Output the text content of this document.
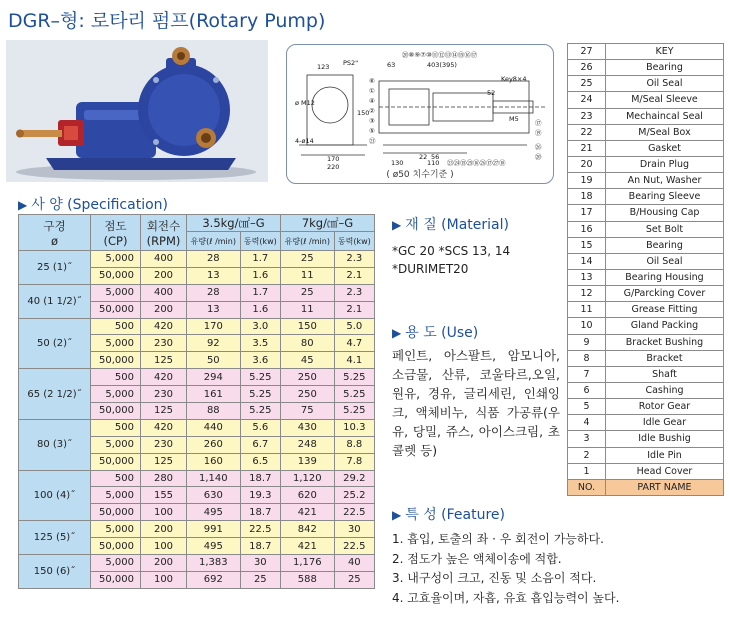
DGR–형: 로타리 펌프(Rotary Pump)
⑳⑧⑨⑦⑩⑪⑫⑬⑭⑮⑯⑰
⑥
①
④
②
③
⑤
㉑
㉓㉔⑮㉕⑯㉖⑰㉗⑱
⑰
⑲
㉖
⑳
123 PS2"	63	403(395)
Key8×4
52
M5
4-ø14
170
220	130
22 56
110
150
ø M12
( ø50 치수기준 )
▶ 사 양 (Specification)
구경
ø	점도
(CP)	회전수
(RPM)	3.5kg/㎠–G		7kg/㎠–G	
			유량(ℓ /min)	동력(kw)	유량(ℓ /min)	동력(kw)
25 (1)˝	5,000	400	28	1.7	25	2.3
	50,000	200	13	1.6	11	2.1
40 (1 1/2)˝	5,000	400	28	1.7	25	2.3
	50,000	200	13	1.6	11	2.1
50 (2)˝	500	420	170	3.0	150	5.0
	5,000	230	92	3.5	80	4.7
	50,000	125	50	3.6	45	4.1
65 (2 1/2)˝	500	420	294	5.25	250	5.25
	5,000	230	161	5.25	250	5.25
	50,000	125	88	5.25	75	5.25
80 (3)˝	500	420	440	5.6	430	10.3
	5,000	230	260	6.7	248	8.8
	50,000	125	160	6.5	139	7.8
100 (4)˝	500	280	1,140	18.7	1,120	29.2
	5,000	155	630	19.3	620	25.2
	50,000	100	495	18.7	421	22.5
125 (5)˝	5,000	200	991	22.5	842	30
	50,000	100	495	18.7	421	22.5
150 (6)˝	5,000	200	1,383	30	1,176	40
	50,000	100	692	25	588	25
▶ 재 질 (Material)
*GC 20 *SCS 13, 14
*DURIMET20
▶ 용 도 (Use)
페인트, 아스팔트, 암모니아, 소금물, 산류, 코울타르,오일, 원유, 경유, 글리세린, 인쇄잉크, 액체비누, 식품 가공류(우유, 당밀, 쥬스, 아이스크림, 초콜렛 등)
▶ 특 성 (Feature)
1. 흡입, 토출의 좌 · 우 회전이 가능하다.
2. 점도가 높은 액체이송에 적합.
3. 내구성이 크고, 진동 및 소음이 적다.
4. 고효율이며, 자흡, 유효 흡입능력이 높다.
27	KEY
26	Bearing
25	Oil Seal
24	M/Seal Sleeve
23	Mechaincal Seal
22	M/Seal Box
21	Gasket
20	Drain Plug
19	An Nut, Washer
18	Bearing Sleeve
17	B/Housing Cap
16	Set Bolt
15	Bearing
14	Oil Seal
13	Bearing Housing
12	G/Parcking Cover
11	Grease Fitting
10	Gland Packing
9	Bracket Bushing
8	Bracket
7	Shaft
6	Cashing
5	Rotor Gear
4	Idle Gear
3	Idle Bushig
2	Idle Pin
1	Head Cover
NO.	PART NAME
